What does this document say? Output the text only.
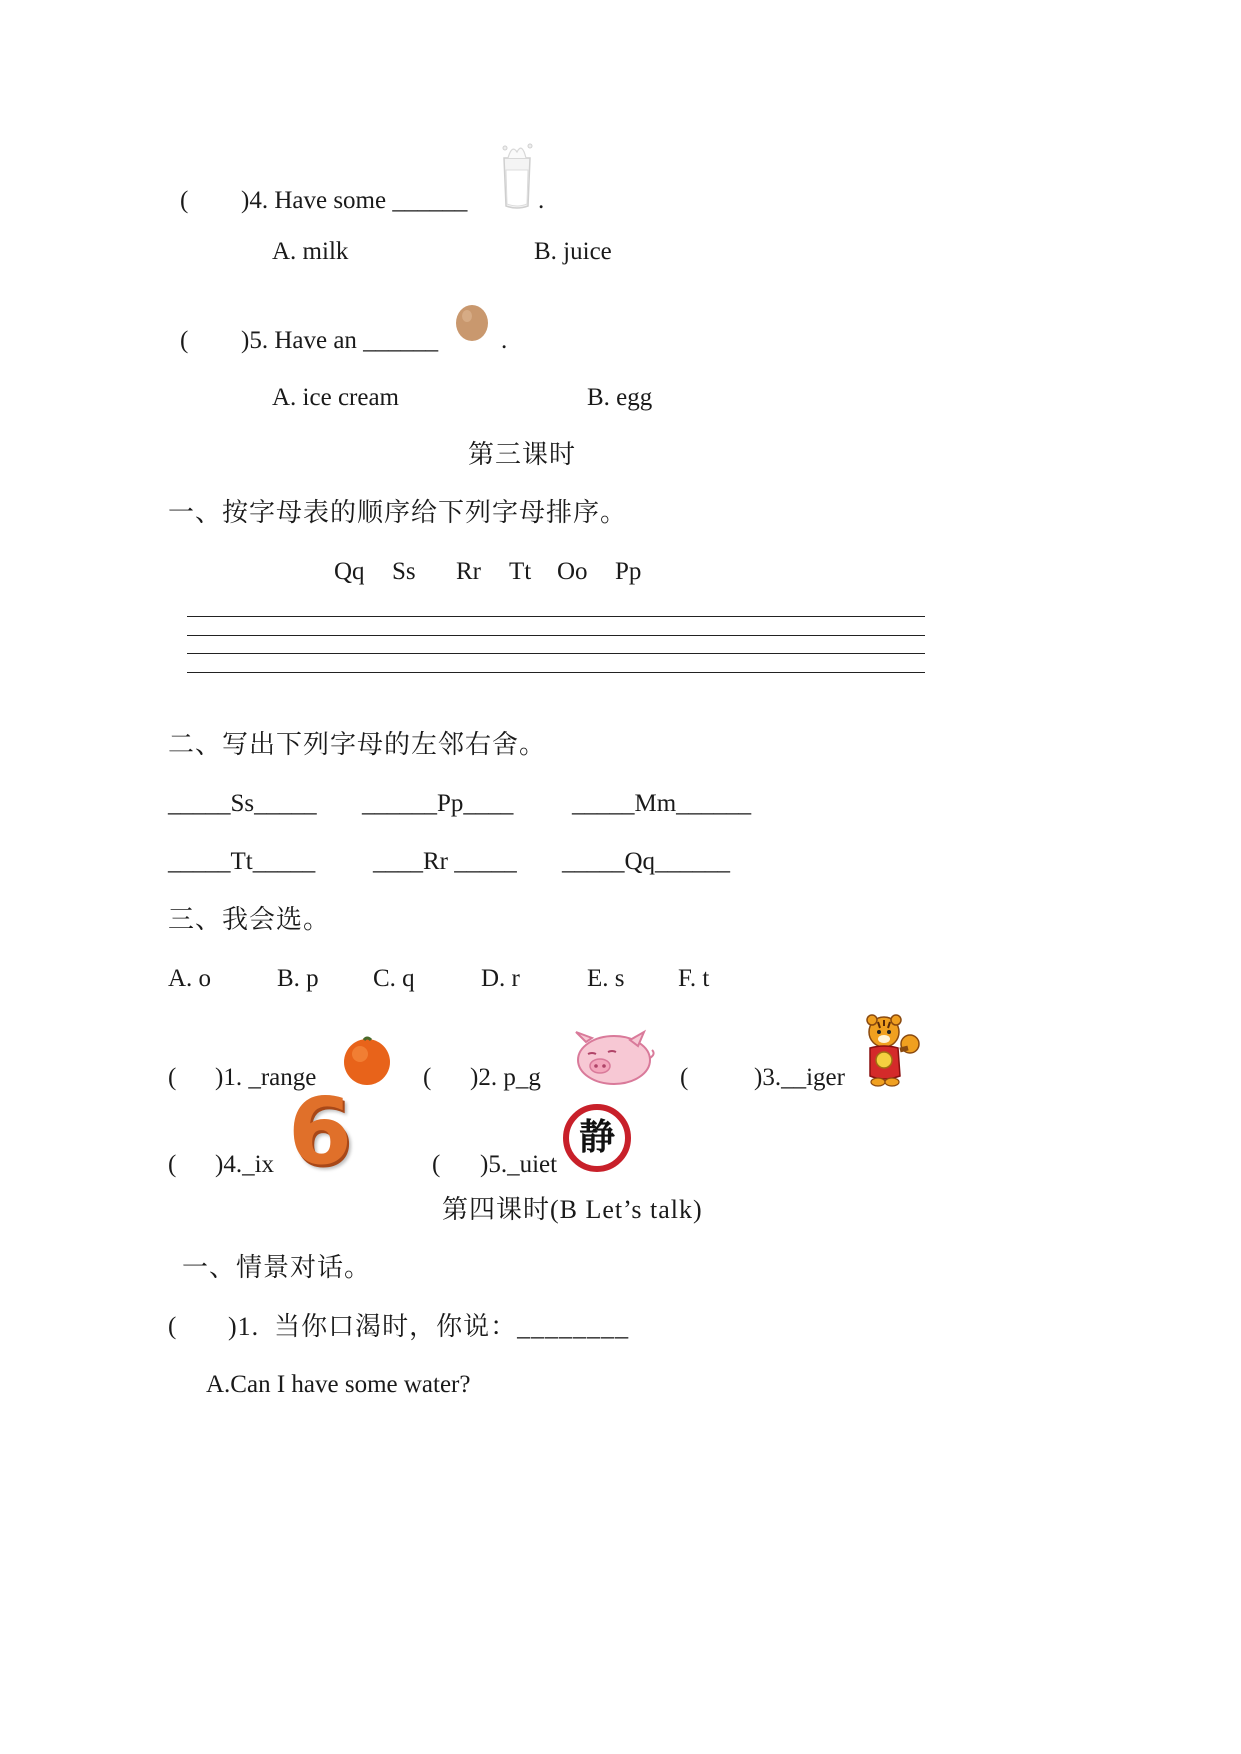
( )4. Have some ______	.
A. milk	B. juice
( )5. Have an ______	.
A. ice cream	B. egg
第三课时
一、按字母表的顺序给下列字母排序。
Qq Ss Rr Tt Oo Pp
二、写出下列字母的左邻右舍。
_____Ss_____ ______Pp____ _____Mm______
_____Tt_____ ____Rr _____ _____Qq______
三、我会选。
A. o	B. p C. q	D. r	E. s F. t
( )1. _range	( )2. p_g	(	)3.__iger
( )4._ix 6	( )5._uiet
静
第四课时(B Let’s talk)
一、情景对话。
( )1.  当你口渴时，你说：________
A.Can I have some water?
